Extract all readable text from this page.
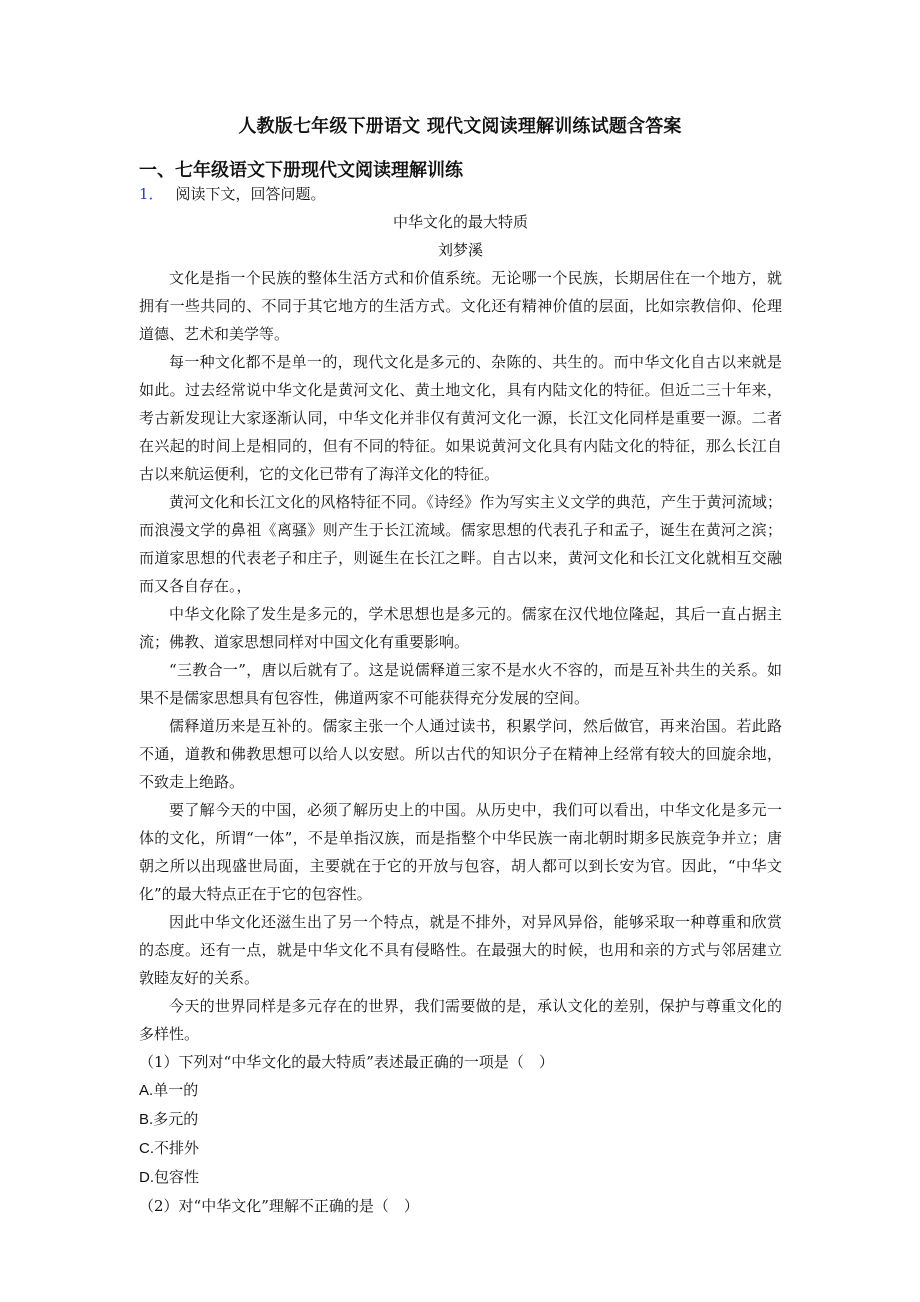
人教版七年级下册语文 现代文阅读理解训练试题含答案
一、七年级语文下册现代文阅读理解训练
1． 阅读下文，回答问题。
中华文化的最大特质
刘梦溪

文化是指一个民族的整体生活方式和价值系统。无论哪一个民族，长期居住在一个地方，就拥有一些共同的、不同于其它地方的生活方式。文化还有精神价值的层面，比如宗教信仰、伦理道德、艺术和美学等。

每一种文化都不是单一的，现代文化是多元的、杂陈的、共生的。而中华文化自古以来就是如此。过去经常说中华文化是黄河文化、黄土地文化，具有内陆文化的特征。但近二三十年来，考古新发现让大家逐渐认同，中华文化并非仅有黄河文化一源，长江文化同样是重要一源。二者在兴起的时间上是相同的，但有不同的特征。如果说黄河文化具有内陆文化的特征，那么长江自古以来航运便利，它的文化已带有了海洋文化的特征。

黄河文化和长江文化的风格特征不同。《诗经》作为写实主义文学的典范，产生于黄河流域；而浪漫文学的鼻祖《离骚》则产生于长江流域。儒家思想的代表孔子和孟子，诞生在黄河之滨；而道家思想的代表老子和庄子，则诞生在长江之畔。自古以来，黄河文化和长江文化就相互交融而又各自存在。，

中华文化除了发生是多元的，学术思想也是多元的。儒家在汉代地位隆起，其后一直占据主流；佛教、道家思想同样对中国文化有重要影响。

“三教合一”，唐以后就有了。这是说儒释道三家不是水火不容的，而是互补共生的关系。如果不是儒家思想具有包容性，佛道两家不可能获得充分发展的空间。

儒释道历来是互补的。儒家主张一个人通过读书，积累学问，然后做官，再来治国。若此路不通，道教和佛教思想可以给人以安慰。所以古代的知识分子在精神上经常有较大的回旋余地，不致走上绝路。

要了解今天的中国，必须了解历史上的中国。从历史中，我们可以看出，中华文化是多元一体的文化，所谓“一体”，不是单指汉族，而是指整个中华民族一南北朝时期多民族竞争并立；唐朝之所以出现盛世局面，主要就在于它的开放与包容，胡人都可以到长安为官。因此，“中华文化”的最大特点正在于它的包容性。

因此中华文化还滋生出了另一个特点，就是不排外，对异风异俗，能够采取一种尊重和欣赏的态度。还有一点，就是中华文化不具有侵略性。在最强大的时候，也用和亲的方式与邻居建立敦睦友好的关系。

今天的世界同样是多元存在的世界，我们需要做的是，承认文化的差别，保护与尊重文化的多样性。

（1）下列对“中华文化的最大特质”表述最正确的一项是（　）

A.单一的

B.多元的

C.不排外

D.包容性

（2）对“中华文化”理解不正确的是（　）
